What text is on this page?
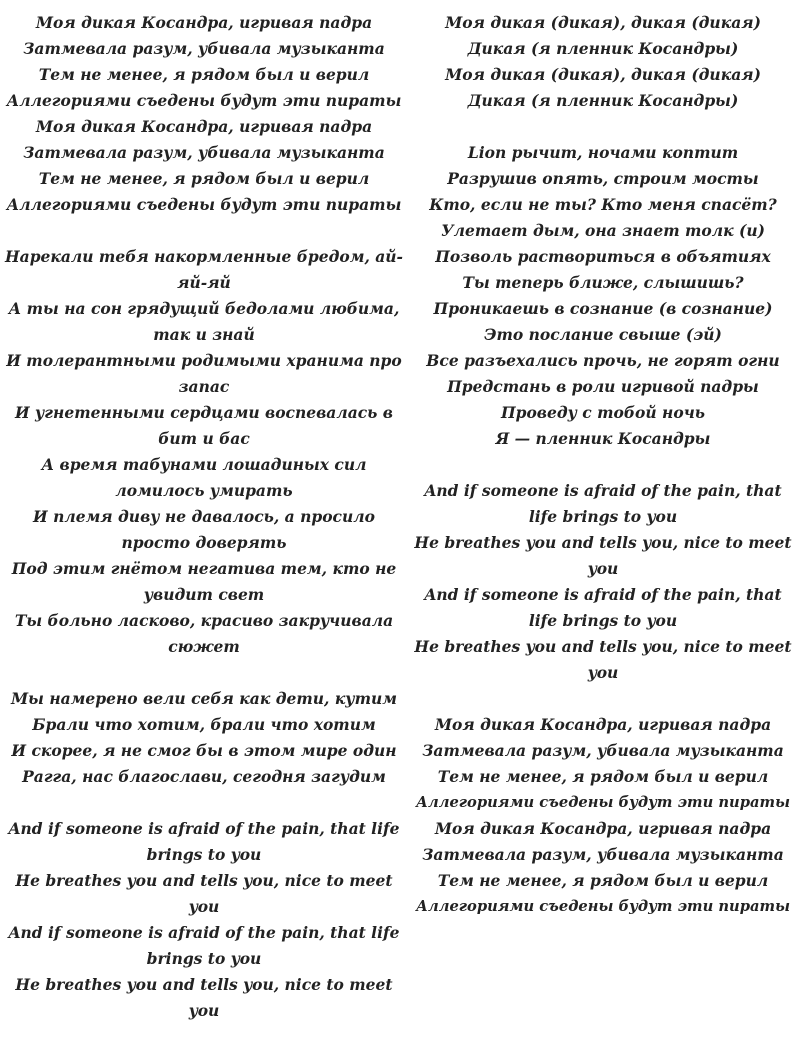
Моя дикая Косандра, игривая падра
Затмевала разум, убивала музыканта
Тем не менее, я рядом был и верил
Аллегориями съедены будут эти пираты
Моя дикая Косандра, игривая падра
Затмевала разум, убивала музыканта
Тем не менее, я рядом был и верил
Аллегориями съедены будут эти пираты
Нарекали тебя накормленные бредом, ай-
яй-яй
А ты на сон грядущий бедолами любима,
так и знай
И толерантными родимыми хранима про
запас
И угнетенными сердцами воспевалась в
бит и бас
А время табунами лошадиных сил
ломилось умирать
И племя диву не давалось, а просило
просто доверять
Под этим гнётом негатива тем, кто не
увидит свет
Ты больно ласково, красиво закручивала
сюжет
Мы намерено вели себя как дети, кутим
Брали что хотим, брали что хотим
И скорее, я не смог бы в этом мире один
Рагга, нас благослави, сегодня загудим
And if someone is afraid of the pain, that life
brings to you
He breathes you and tells you, nice to meet
you
And if someone is afraid of the pain, that life
brings to you
He breathes you and tells you, nice to meet
you
Моя дикая (дикая), дикая (дикая)
Дикая (я пленник Косандры)
Моя дикая (дикая), дикая (дикая)
Дикая (я пленник Косандры)
Lion рычит, ночами коптит
Разрушив опять, строим мосты
Кто, если не ты? Кто меня спасёт?
Улетает дым, она знает толк (и)
Позволь раствориться в объятиях
Ты теперь ближе, слышишь?
Проникаешь в сознание (в сознание)
Это послание свыше (эй)
Все разъехались прочь, не горят огни
Предстань в роли игривой падры
Проведу с тобой ночь
Я — пленник Косандры
And if someone is afraid of the pain, that
life brings to you
He breathes you and tells you, nice to meet
you
And if someone is afraid of the pain, that
life brings to you
He breathes you and tells you, nice to meet
you
Моя дикая Косандра, игривая падра
Затмевала разум, убивала музыканта
Тем не менее, я рядом был и верил
Аллегориями съедены будут эти пираты
Моя дикая Косандра, игривая падра
Затмевала разум, убивала музыканта
Тем не менее, я рядом был и верил
Аллегориями съедены будут эти пираты
